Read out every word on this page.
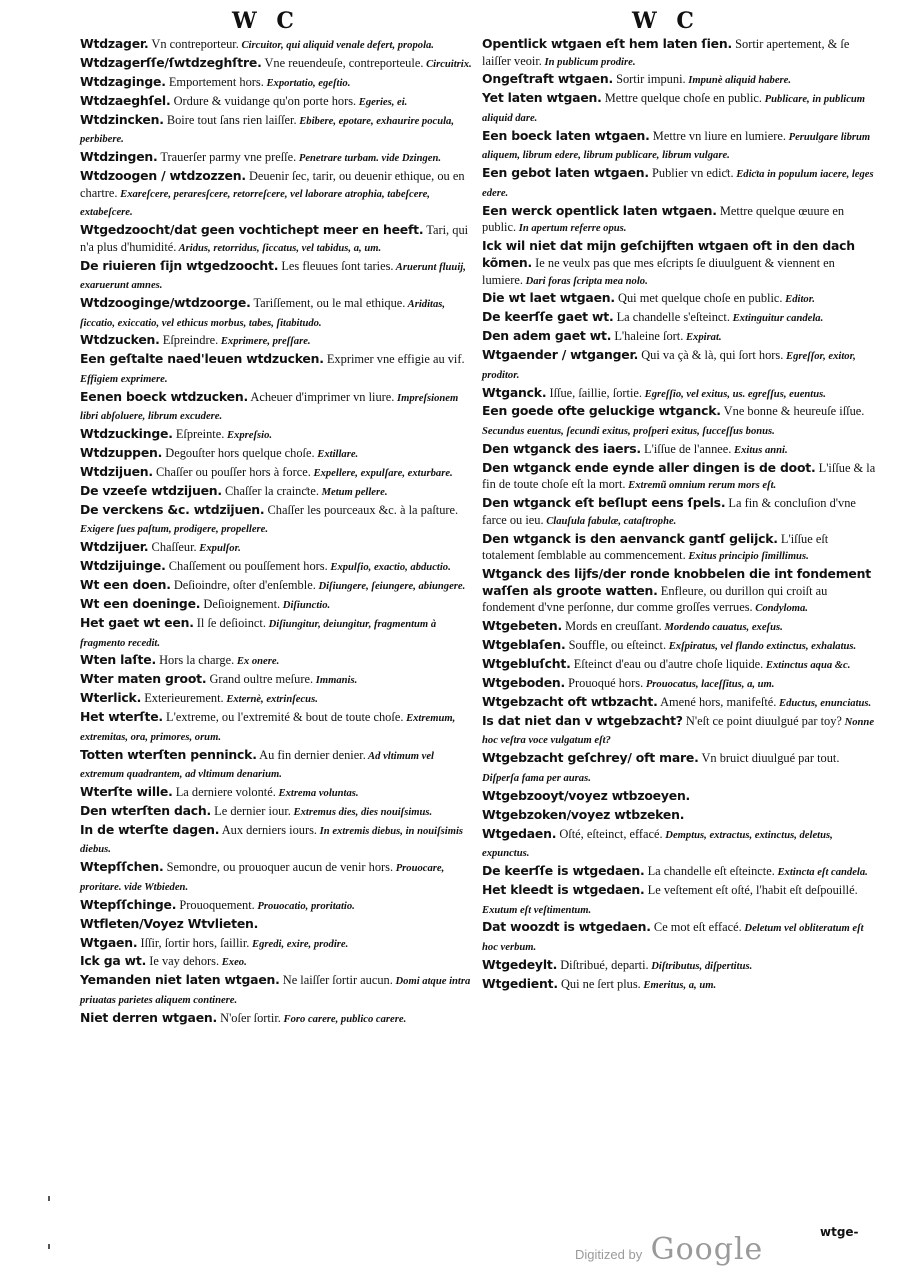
W C	W C

Wtdzager. Vn contreporteur. Circuitor, qui aliquid venale defert, propola.

Wtdzagerſſe/ſwtdzeghſtre. Vne reuendeuſe, contreporteule. Circuitrix.

Wtdzaginge. Emportement hors. Exportatio, egeſtio.

Wtdzaeghſel. Ordure & vuidange qu'on porte hors. Egeries, ei.

Wtdzincken. Boire tout ſans rien laiſſer. Ebibere, epotare, exhaurire pocula, perbibere.

Wtdzingen. Trauerſer parmy vne preſſe. Penetrare turbam. vide Dzingen.

Wtdzoogen / wtdzozzen. Deuenir ſec, tarir, ou deuenir ethique, ou en chartre. Exareſcere, peraresſcere, retorreſcere, vel laborare atrophia, tabeſcere, extabeſcere.

Wtgedzoocht/dat geen vochtichept meer en heeft. Tari, qui n'a plus d'humidité. Aridus, retorridus, ſiccatus, vel tabidus, a, um.

De riuieren ſijn wtgedzoocht. Les fleuues ſont taries. Aruerunt fluuij, exaruerunt amnes.

Wtdzooginge/wtdzoorge. Tariſſement, ou le mal ethique. Ariditas, ſiccatio, exiccatio, vel ethicus morbus, tabes, ſitabitudo.

Wtdzucken. Eſpreindre. Exprimere, preſſare.

Een geſtalte naed'leuen wtdzucken. Exprimer vne effigie au vif. Effigiem exprimere.

Eenen boeck wtdzucken. Acheuer d'imprimer vn liure. Impreſsionem libri abſoluere, librum excudere.

Wtdzuckinge. Eſpreinte. Expreſsio.

Wtdzuppen. Degouſter hors quelque choſe. Extillare.

Wtdzijuen. Chaſſer ou pouſſer hors à force. Expellere, expulſare, exturbare.

De vzeeſe wtdzijuen. Chaſſer la crainƈte. Metum pellere.

De verckens &c. wtdzijuen. Chaſſer les pourceaux &c. à la paſture. Exigere ſues paſtum, prodigere, propellere.

Wtdzijuer. Chaſſeur. Expulſor.

Wtdzijuinge. Chaſſement ou pouſſement hors. Expulſio, exactio, abductio.

Wt een doen. Deſioindre, oſter d'enſemble. Diſiungere, ſeiungere, abiungere.

Wt een doeninge. Deſioignement. Diſiunctio.

Het gaet wt een. Il ſe deſioinct. Diſiungitur, deiungitur, fragmentum à fragmento recedit.

Wten laſte. Hors la charge. Ex onere.

Wter maten groot. Grand oultre meſure. Immanis.

Wterlick. Exterieurement. Externè, extrinſecus.

Het wterſte. L'extreme, ou l'extremité & bout de toute choſe. Extremum, extremitas, ora, primores, orum.

Totten wterſten penninck. Au fin dernier denier. Ad vltimum vel extremum quadrantem, ad vltimum denarium.

Wterſte wille. La derniere volonté. Extrema voluntas.

Den wterſten dach. Le dernier iour. Extremus dies, dies nouiſsimus.

In de wterſte dagen. Aux derniers iours. In extremis diebus, in nouiſsimis diebus.

Wtepſſchen. Semondre, ou prouoquer aucun de venir hors. Prouocare, proritare. vide Wtbieden.

Wtepſſchinge. Prouoquement. Prouocatio, proritatio.

Wtfleten/Voyez Wtvlieten.

Wtgaen. Iſſir, ſortir hors, ſaillir. Egredi, exire, prodire.

Ick ga wt. Ie vay dehors. Exeo.

Yemanden niet laten wtgaen. Ne laiſſer ſortir aucun. Domi atque intra priuatas parietes aliquem continere.

Niet derren wtgaen. N'oſer ſortir. Foro carere, publico carere.

Opentlick wtgaen eſt hem laten ſien. Sortir apertement, & ſe laiſſer veoir. In publicum prodire.

Ongeſtraft wtgaen. Sortir impuni. Impunè aliquid habere.

Yet laten wtgaen. Mettre quelque choſe en public. Publicare, in publicum aliquid dare.

Een boeck laten wtgaen. Mettre vn liure en lumiere. Peruulgare librum aliquem, librum edere, librum publicare, librum vulgare.

Een gebot laten wtgaen. Publier vn ediƈt. Ediƈta in populum iacere, leges edere.

Een werck opentlick laten wtgaen. Mettre quelque œuure en public. In apertum referre opus.

Ick wil niet dat mijn geſchijften wtgaen oft in den dach kõmen. Ie ne veulx pas que mes eſcripts ſe diuulguent & viennent en lumiere. Dari foras ſcripta mea nolo.

Die wt laet wtgaen. Qui met quelque choſe en public. Editor.

De keerſſe gaet wt. La chandelle s'eſteinct. Extinguitur candela.

Den adem gaet wt. L'haleine ſort. Expirat.

Wtgaender / wtganger. Qui va çà & là, qui ſort hors. Egreſſor, exitor, proditor.

Wtganck. Iſſue, ſaillie, ſortie. Egreſſio, vel exitus, us. egreſſus, euentus.

Een goede ofte geluckige wtganck. Vne bonne & heureuſe iſſue. Secundus euentus, ſecundi exitus, proſperi exitus, ſucceſſus bonus.

Den wtganck des iaers. L'iſſue de l'annee. Exitus anni.

Den wtganck ende eynde aller dingen is de doot. L'iſſue & la fin de toute choſe eſt la mort. Extremũ omnium rerum mors eſt.

Den wtganck eſt beſlupt eens ſpels. La fin & concluſion d'vne farce ou ieu. Clauſula fabulæ, cataſtrophe.

Den wtganck is den aenvanck gantſ gelijck. L'iſſue eſt totalement ſemblable au commencement. Exitus principio ſimillimus.

Wtganck des lijfs/der ronde knobbelen die int fondement waſſen als groote watten. Enfleure, ou durillon qui croiſt au fondement d'vne perſonne, dur comme groſſes verrues. Condyloma.

Wtgebeten. Mords en creuſſant. Mordendo cauatus, exeſus.

Wtgeblaſen. Souffle, ou eſteinct. Exſpiratus, vel flando extinctus, exhalatus.

Wtgebluſcht. Eſteinct d'eau ou d'autre choſe liquide. Extinctus aqua &c.

Wtgeboden. Prouoqué hors. Prouocatus, laceſſitus, a, um.

Wtgebzacht oft wtbzacht. Amené hors, manifeſté. Eductus, enunciatus.

Is dat niet dan v wtgebzacht? N'eſt ce point diuulgué par toy? Nonne hoc veſtra voce vulgatum eſt?

Wtgebzacht geſchrey/ oft mare. Vn bruict diuulgué par tout. Diſperſa fama per auras.

Wtgebzooyt/voyez wtbzoeyen.

Wtgebzoken/voyez wtbzeken.

Wtgedaen. Oſté, eſteinct, effacé. Demptus, extractus, extinctus, deletus, expunctus.

De keerſſe is wtgedaen. La chandelle eſt eſteincte. Extincta eſt candela.

Het kleedt is wtgedaen. Le veſtement eſt oſté, l'habit eſt deſpouillé. Exutum eſt veſtimentum.

Dat woozdt is wtgedaen. Ce mot eſt effacé. Deletum vel obliteratum eſt hoc verbum.

Wtgedeylt. Diſtribué, departi. Diſtributus, diſpertitus.

Wtgedient. Qui ne ſert plus. Emeritus, a, um.

wtge-
Digitized by Google
